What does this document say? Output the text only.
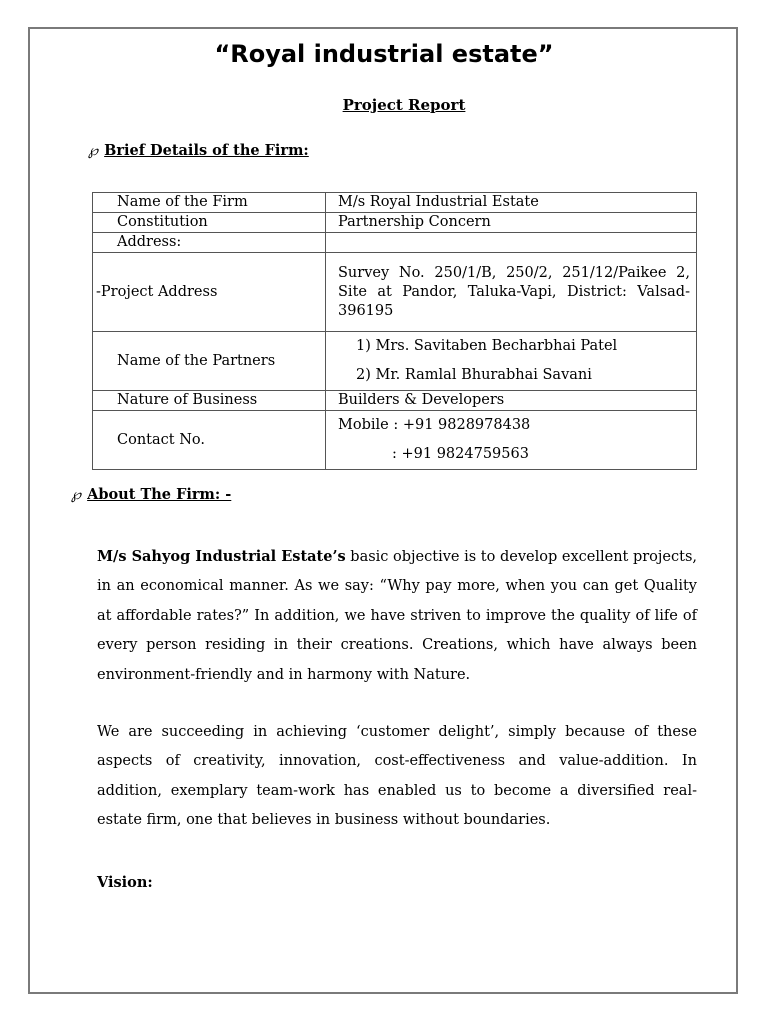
“Royal industrial estate”
Project Report
℘ Brief Details of the Firm:
Name of the Firm	M/s Royal Industrial Estate
Constitution	Partnership Concern
Address:	
-Project Address	Survey No. 250/1/B, 250/2, 251/12/Paikee 2, Site at Pandor, Taluka-Vapi, District: Valsad-396195
Name of the Partners	1) Mrs. Savitaben Becharbhai Patel
2) Mr. Ramlal Bhurabhai Savani

Nature of Business	Builders & Developers
Contact No.	Mobile : +91 9828978438
: +91 9824759563
℘ About The Firm: -
M/s Sahyog Industrial Estate’s basic objective is to develop excellent projects, in an economical manner. As we say: “Why pay more, when you can get Quality at affordable rates?” In addition, we have striven to improve the quality of life of every person residing in their creations. Creations, which have always been environment-friendly and in harmony with Nature.
We are succeeding in achieving ‘customer delight’, simply because of these aspects of creativity, innovation, cost-effectiveness and value-addition. In addition, exemplary team-work has enabled us to become a diversified real-estate firm, one that believes in business without boundaries.
Vision:
